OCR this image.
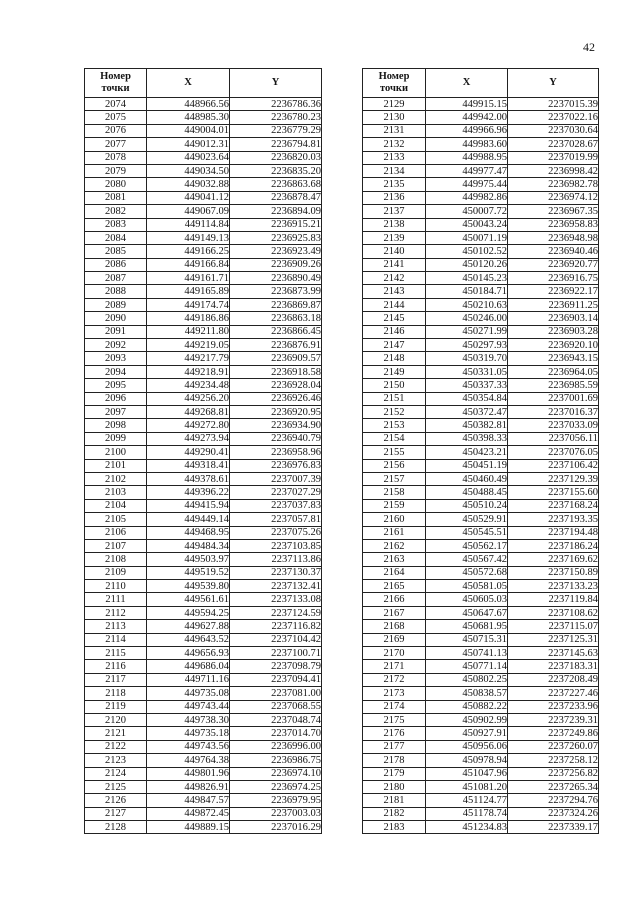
42
Номер
точки	X	Y
2074	448966.56	2236786.36
2075	448985.30	2236780.23
2076	449004.01	2236779.29
2077	449012.31	2236794.81
2078	449023.64	2236820.03
2079	449034.50	2236835.20
2080	449032.88	2236863.68
2081	449041.12	2236878.47
2082	449067.09	2236894.09
2083	449114.84	2236915.21
2084	449149.13	2236925.83
2085	449166.25	2236923.49
2086	449166.84	2236909.26
2087	449161.71	2236890.49
2088	449165.89	2236873.99
2089	449174.74	2236869.87
2090	449186.86	2236863.18
2091	449211.80	2236866.45
2092	449219.05	2236876.91
2093	449217.79	2236909.57
2094	449218.91	2236918.58
2095	449234.48	2236928.04
2096	449256.20	2236926.46
2097	449268.81	2236920.95
2098	449272.80	2236934.90
2099	449273.94	2236940.79
2100	449290.41	2236958.96
2101	449318.41	2236976.83
2102	449378.61	2237007.39
2103	449396.22	2237027.29
2104	449415.94	2237037.83
2105	449449.14	2237057.81
2106	449468.95	2237075.26
2107	449484.34	2237103.85
2108	449503.97	2237113.86
2109	449519.52	2237130.37
2110	449539.80	2237132.41
2111	449561.61	2237133.08
2112	449594.25	2237124.59
2113	449627.88	2237116.82
2114	449643.52	2237104.42
2115	449656.93	2237100.71
2116	449686.04	2237098.79
2117	449711.16	2237094.41
2118	449735.08	2237081.00
2119	449743.44	2237068.55
2120	449738.30	2237048.74
2121	449735.18	2237014.70
2122	449743.56	2236996.00
2123	449764.38	2236986.75
2124	449801.96	2236974.10
2125	449826.91	2236974.25
2126	449847.57	2236979.95
2127	449872.45	2237003.03
2128	449889.15	2237016.29
Номер
точки	X	Y
2129	449915.15	2237015.39
2130	449942.00	2237022.16
2131	449966.96	2237030.64
2132	449983.60	2237028.67
2133	449988.95	2237019.99
2134	449977.47	2236998.42
2135	449975.44	2236982.78
2136	449982.86	2236974.12
2137	450007.72	2236967.35
2138	450043.24	2236958.83
2139	450071.19	2236948.98
2140	450102.52	2236940.46
2141	450120.26	2236920.77
2142	450145.23	2236916.75
2143	450184.71	2236922.17
2144	450210.63	2236911.25
2145	450246.00	2236903.14
2146	450271.99	2236903.28
2147	450297.93	2236920.10
2148	450319.70	2236943.15
2149	450331.05	2236964.05
2150	450337.33	2236985.59
2151	450354.84	2237001.69
2152	450372.47	2237016.37
2153	450382.81	2237033.09
2154	450398.33	2237056.11
2155	450423.21	2237076.05
2156	450451.19	2237106.42
2157	450460.49	2237129.39
2158	450488.45	2237155.60
2159	450510.24	2237168.24
2160	450529.91	2237193.35
2161	450545.51	2237194.48
2162	450562.17	2237186.24
2163	450567.42	2237169.62
2164	450572.68	2237150.89
2165	450581.05	2237133.23
2166	450605.03	2237119.84
2167	450647.67	2237108.62
2168	450681.95	2237115.07
2169	450715.31	2237125.31
2170	450741.13	2237145.63
2171	450771.14	2237183.31
2172	450802.25	2237208.49
2173	450838.57	2237227.46
2174	450882.22	2237233.96
2175	450902.99	2237239.31
2176	450927.91	2237249.86
2177	450956.06	2237260.07
2178	450978.94	2237258.12
2179	451047.96	2237256.82
2180	451081.20	2237265.34
2181	451124.77	2237294.76
2182	451178.74	2237324.26
2183	451234.83	2237339.17
